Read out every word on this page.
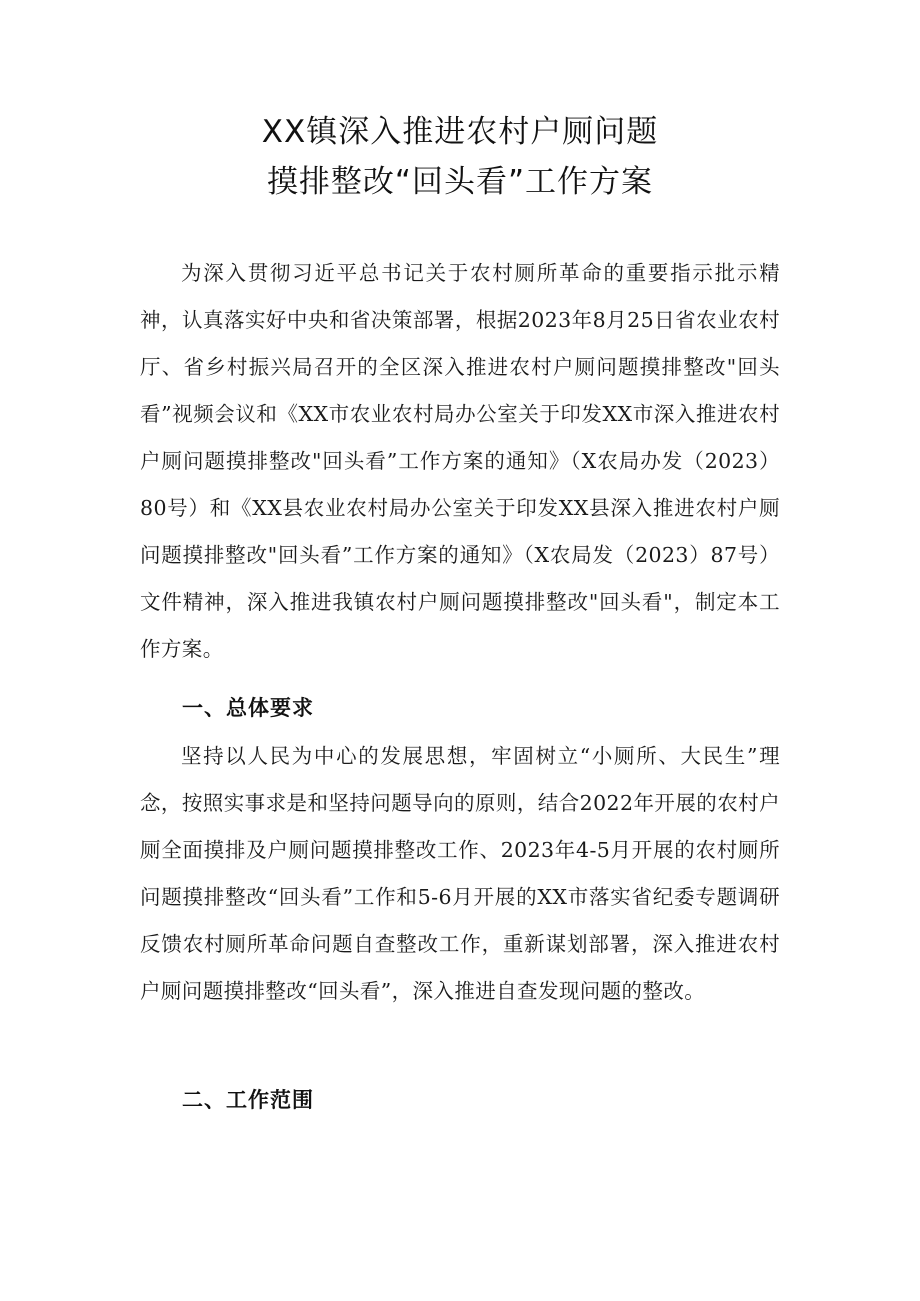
XX镇深入推进农村户厕问题
摸排整改“回头看”工作方案

为深入贯彻习近平总书记关于农村厕所革命的重要指示批示精神，认真落实好中央和省决策部署，根据2023年8月25日省农业农村厅、省乡村振兴局召开的全区深入推进农村户厕问题摸排整改"回头看”视频会议和《XX市农业农村局办公室关于印发XX市深入推进农村户厕问题摸排整改"回头看”工作方案的通知》（X农局办发（2023）80号）和《XX县农业农村局办公室关于印发XX县深入推进农村户厕问题摸排整改"回头看”工作方案的通知》（X农局发（2023）87号）文件精神，深入推进我镇农村户厕问题摸排整改"回头看"，制定本工作方案。

一、总体要求

坚持以人民为中心的发展思想，牢固树立“小厕所、大民生”理念，按照实事求是和坚持问题导向的原则，结合2022年开展的农村户厕全面摸排及户厕问题摸排整改工作、2023年4-5月开展的农村厕所问题摸排整改“回头看”工作和5-6月开展的XX市落实省纪委专题调研反馈农村厕所革命问题自查整改工作，重新谋划部署，深入推进农村户厕问题摸排整改“回头看”，深入推进自查发现问题的整改。

二、工作范围
